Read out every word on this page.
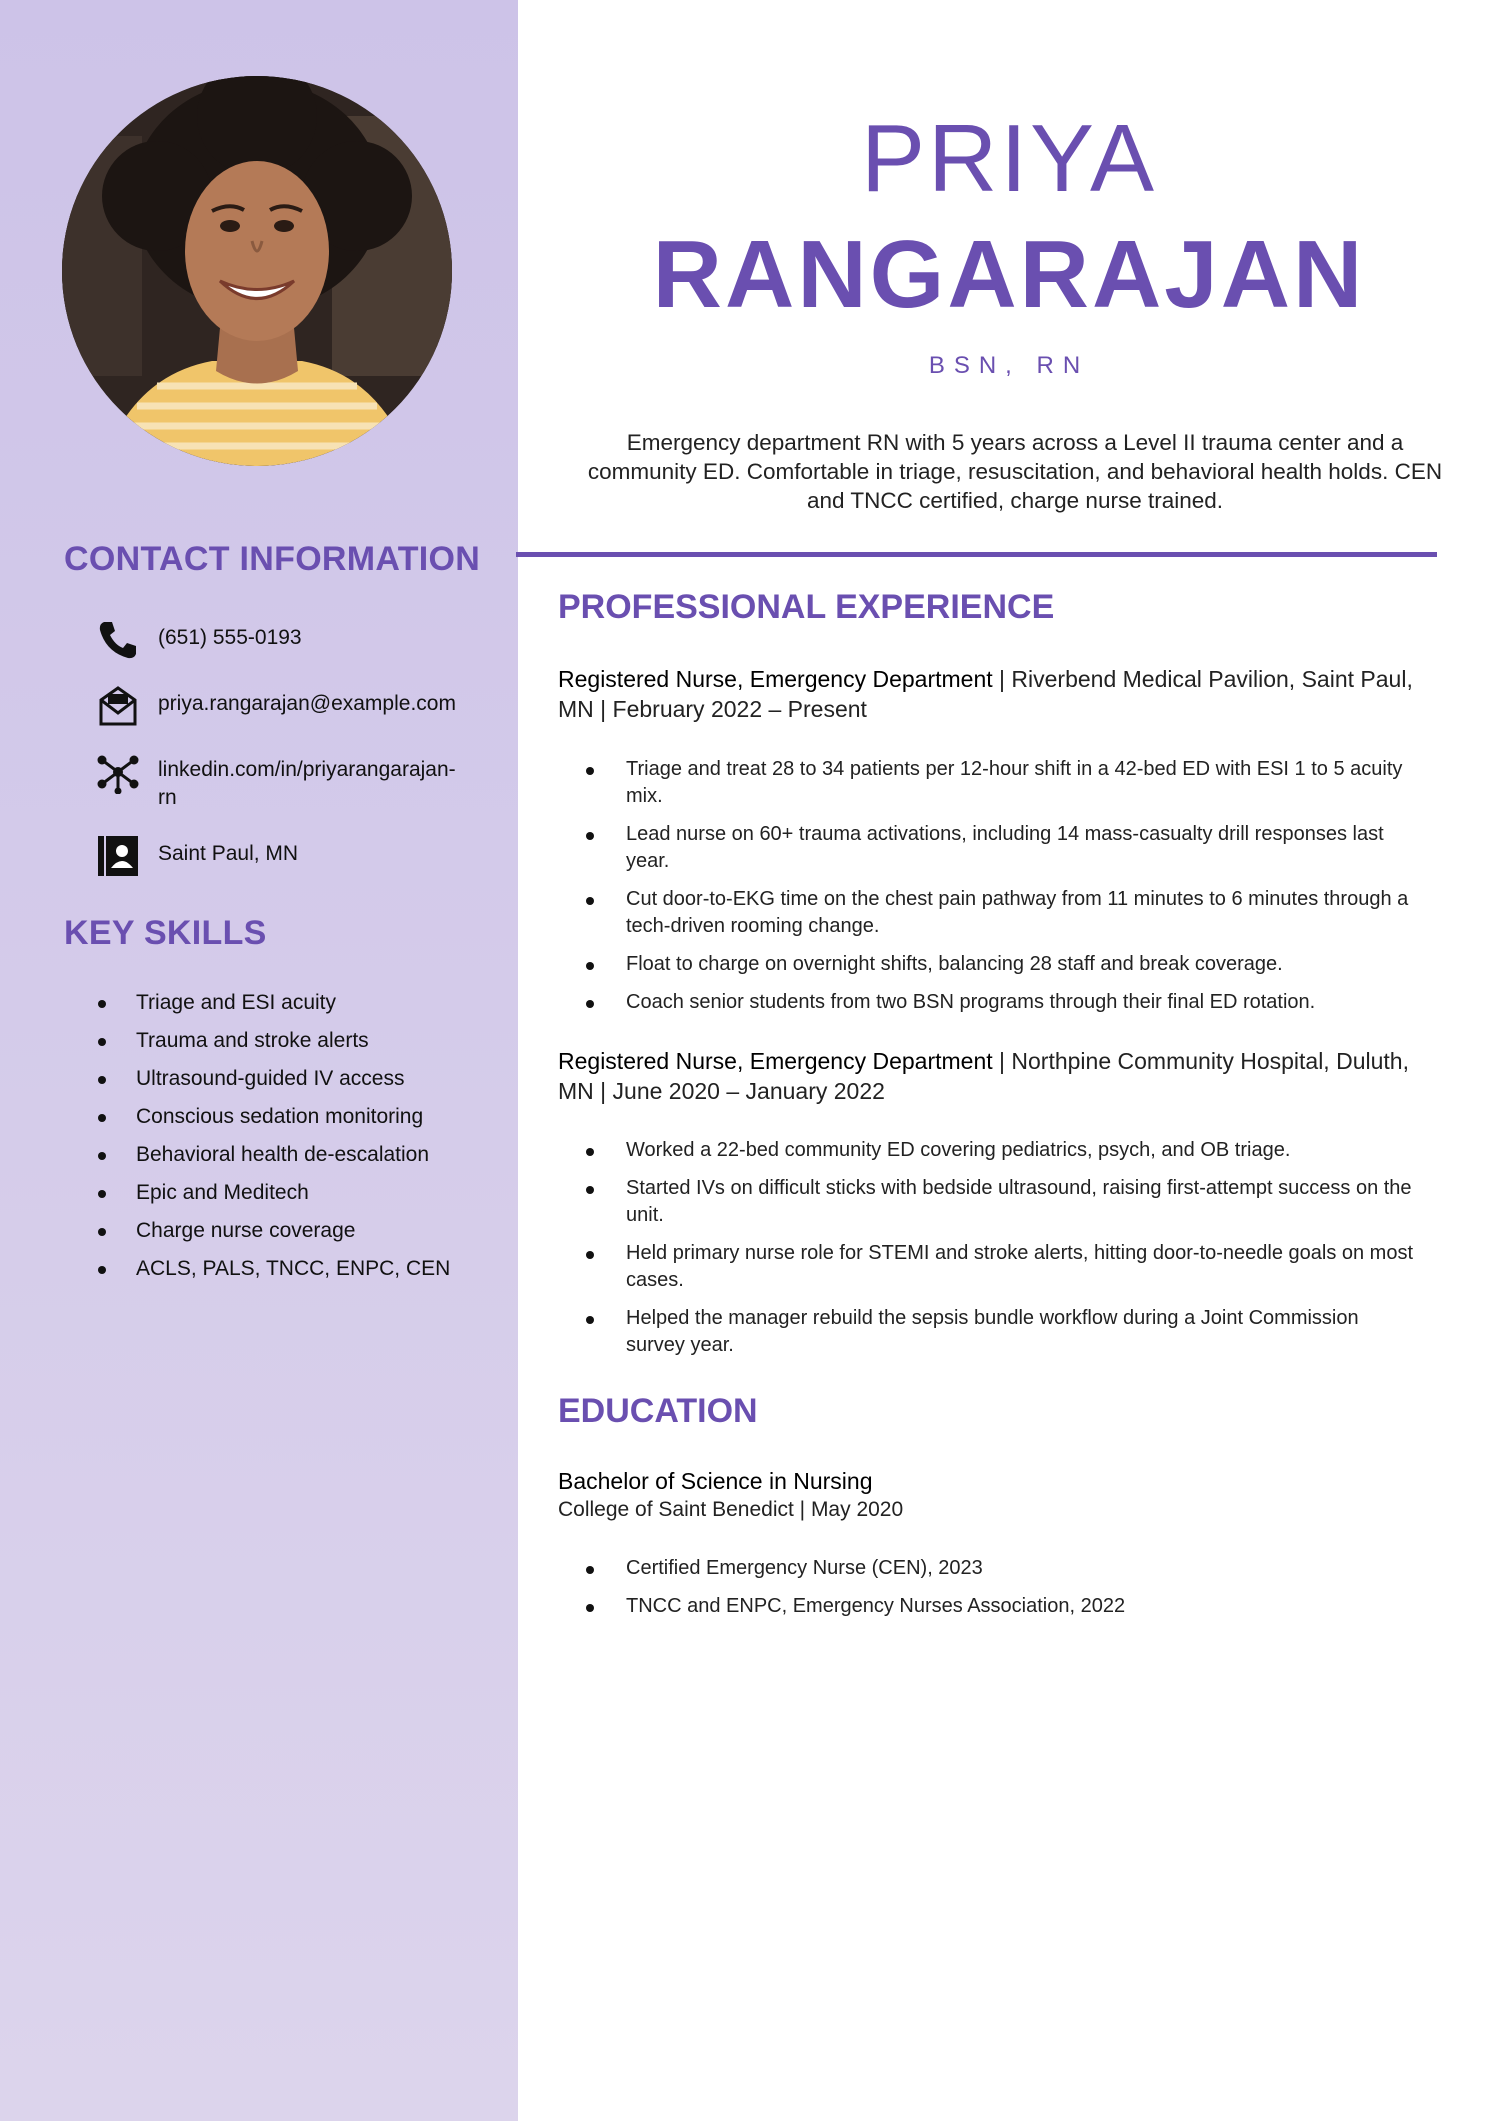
CONTACT INFORMATION
(651) 555-0193
priya.rangarajan@example.com
linkedin.com/in/priyarangarajan-rn
Saint Paul, MN
KEY SKILLS
Triage and ESI acuity
Trauma and stroke alerts
Ultrasound-guided IV access
Conscious sedation monitoring
Behavioral health de-escalation
Epic and Meditech
Charge nurse coverage
ACLS, PALS, TNCC, ENPC, CEN
PRIYA
RANGARAJAN
BSN, RN

Emergency department RN with 5 years across a Level II trauma center and a community ED. Comfortable in triage, resuscitation, and behavioral health holds. CEN and TNCC certified, charge nurse trained.

PROFESSIONAL EXPERIENCE

Registered Nurse, Emergency Department | Riverbend Medical Pavilion, Saint Paul, MN | February 2022 – Present

Triage and treat 28 to 34 patients per 12-hour shift in a 42-bed ED with ESI 1 to 5 acuity mix.
Lead nurse on 60+ trauma activations, including 14 mass-casualty drill responses last year.
Cut door-to-EKG time on the chest pain pathway from 11 minutes to 6 minutes through a tech-driven rooming change.
Float to charge on overnight shifts, balancing 28 staff and break coverage.
Coach senior students from two BSN programs through their final ED rotation.

Registered Nurse, Emergency Department | Northpine Community Hospital, Duluth, MN | June 2020 – January 2022

Worked a 22-bed community ED covering pediatrics, psych, and OB triage.
Started IVs on difficult sticks with bedside ultrasound, raising first-attempt success on the unit.
Held primary nurse role for STEMI and stroke alerts, hitting door-to-needle goals on most cases.
Helped the manager rebuild the sepsis bundle workflow during a Joint Commission survey year.
EDUCATION

Bachelor of Science in Nursing

College of Saint Benedict | May 2020

Certified Emergency Nurse (CEN), 2023
TNCC and ENPC, Emergency Nurses Association, 2022
